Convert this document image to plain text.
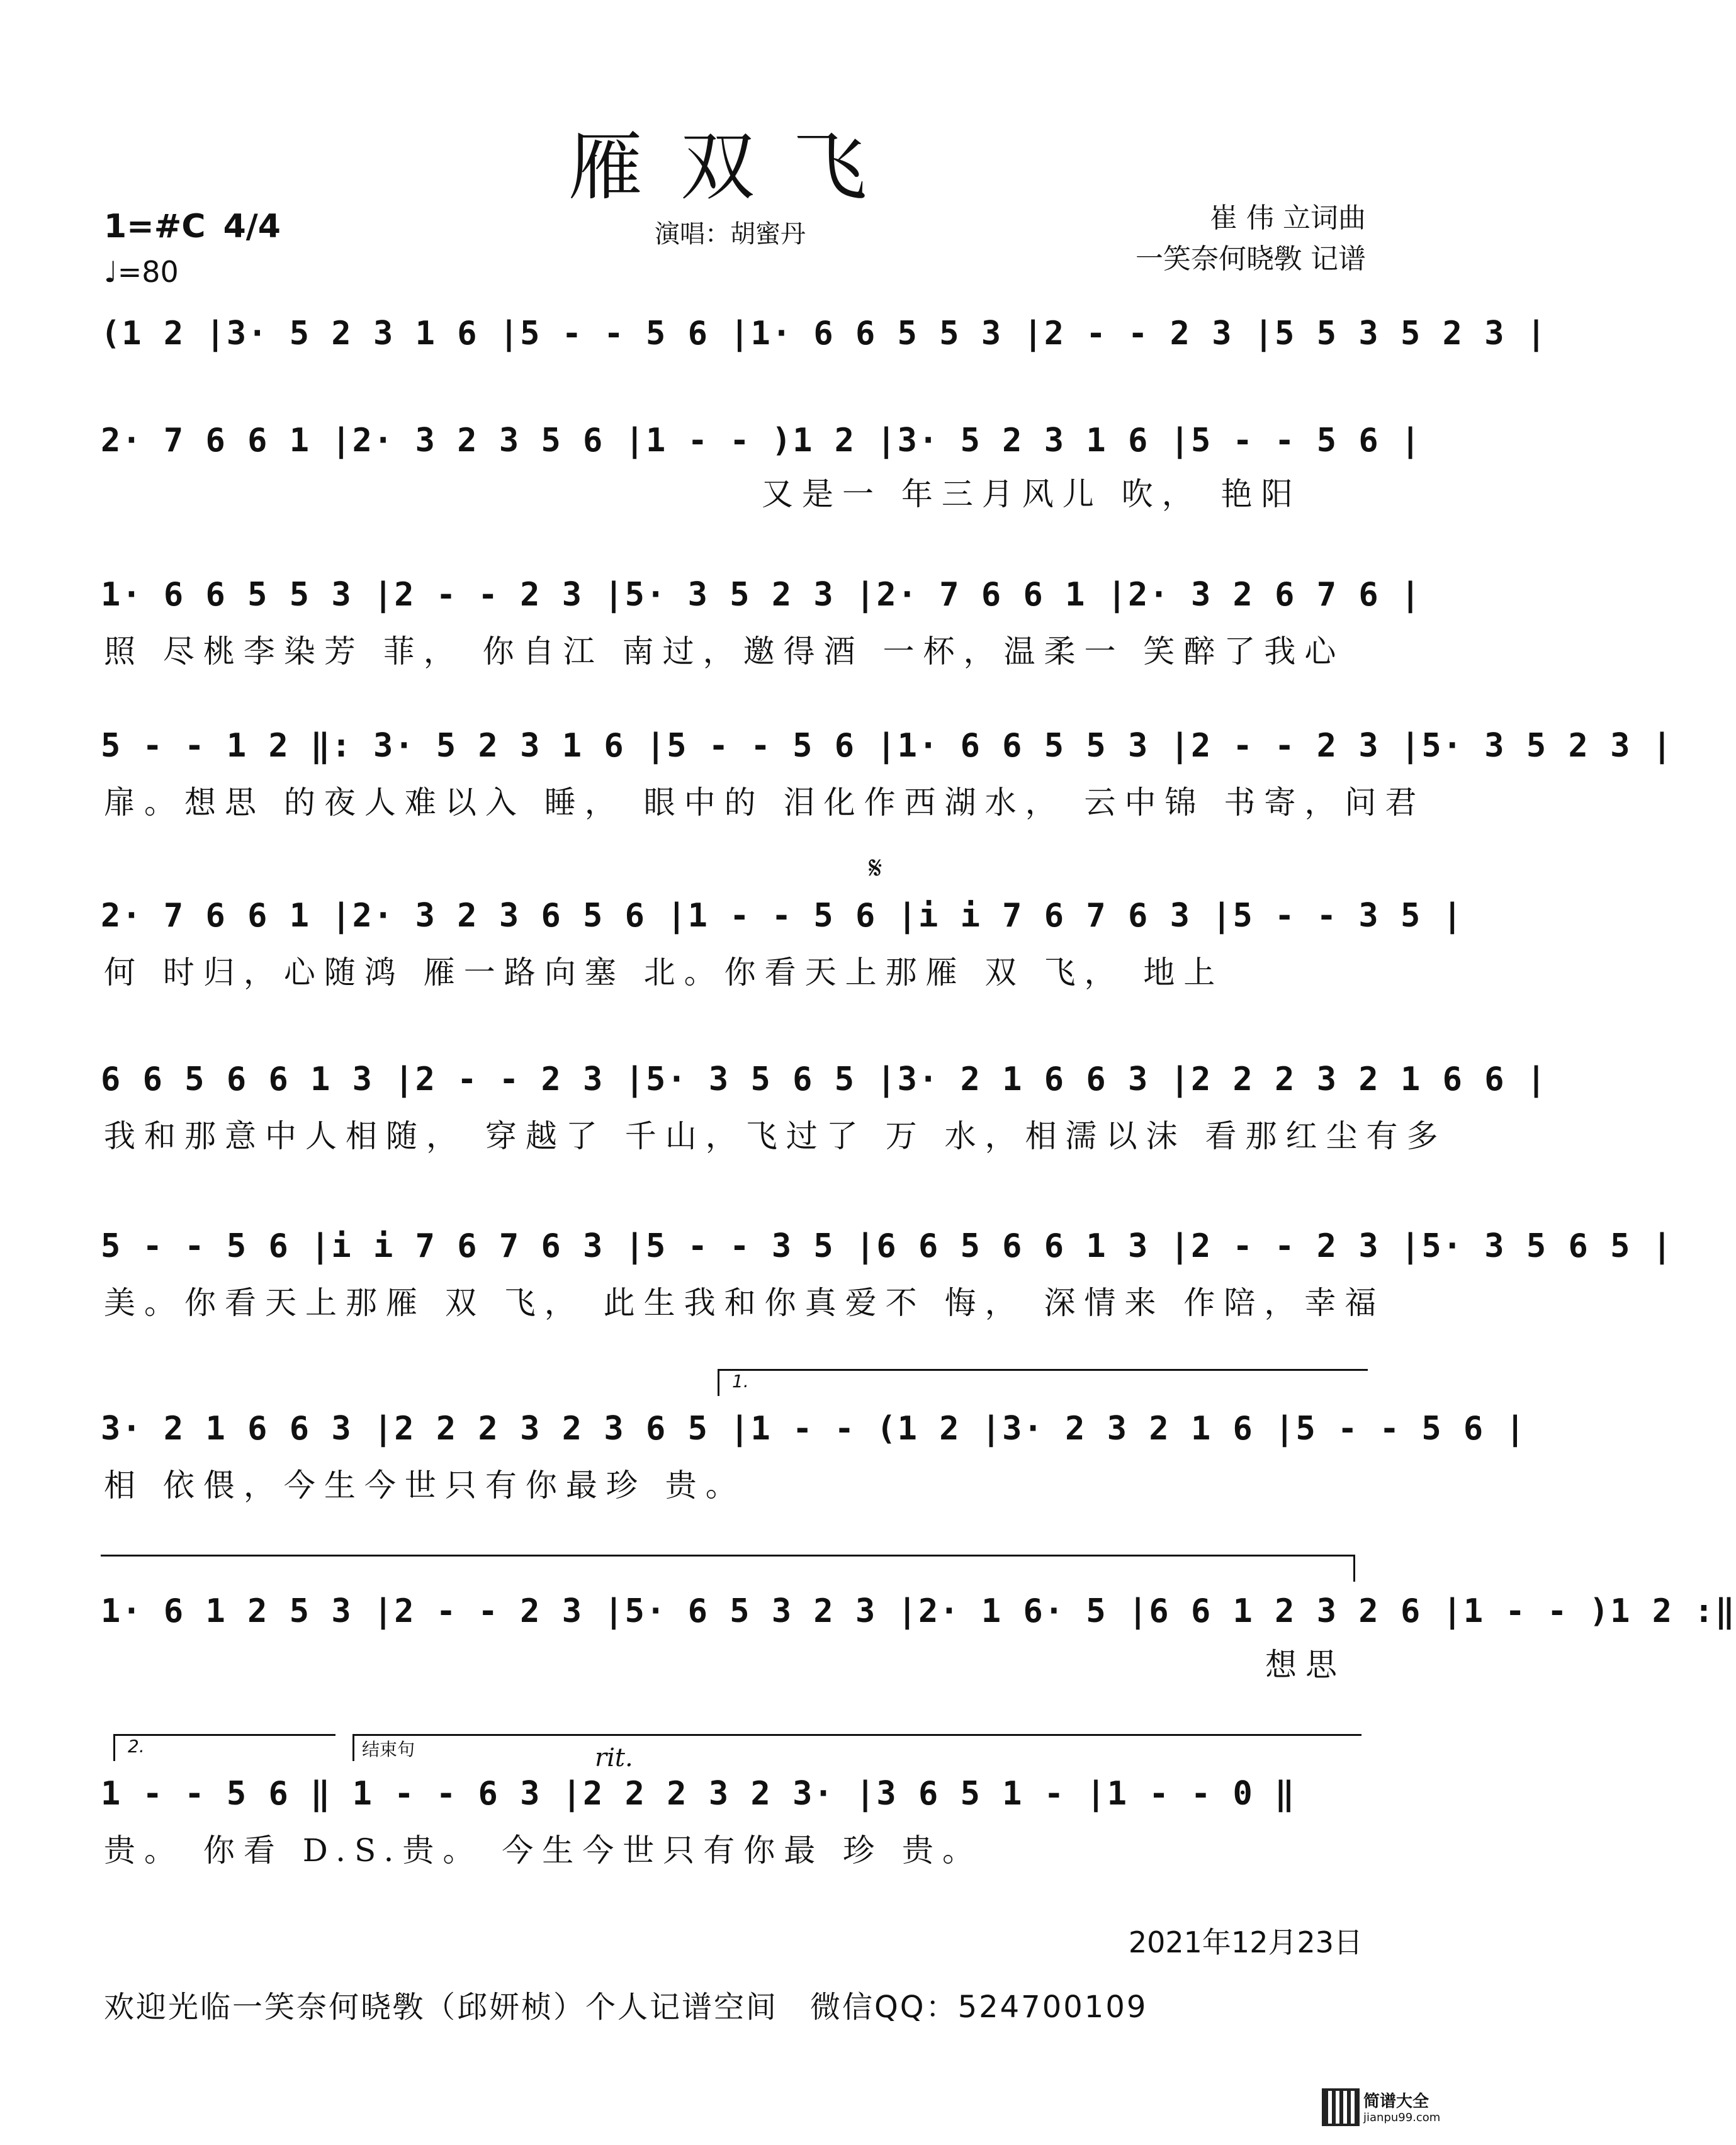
雁双飞
1=#C 4/4
♩=80
演唱：胡蜜丹	崔 伟 立词曲
一笑奈何晓斆 记谱
(1 2 |3· 5 2 3 1 6 |5 - - 5 6 |1· 6 6 5 5 3 |2 - - 2 3 |5 5 3 5 2 3 |
2· 7 6 6 1 |2· 3 2 3 5 6 |1 - - )1 2 |3· 5 2 3 1 6 |5 - - 5 6 |
又是一 年三月风儿 吹， 艳阳
1· 6 6 5 5 3 |2 - - 2 3 |5· 3 5 2 3 |2· 7 6 6 1 |2· 3 2 6 7 6 |
照 尽桃李染芳 菲， 你自江 南过，邀得酒 一杯，温柔一 笑醉了我心
5 - - 1 2 ‖: 3· 5 2 3 1 6 |5 - - 5 6 |1· 6 6 5 5 3 |2 - - 2 3 |5· 3 5 2 3 |
扉。想思 的夜人难以入 睡， 眼中的 泪化作西湖水， 云中锦 书寄，问君
𝄋
2· 7 6 6 1 |2· 3 2 3 6 5 6 |1 - - 5 6 |i i 7 6 7 6 3 |5 - - 3 5 |
何 时归，心随鸿 雁一路向塞 北。你看天上那雁 双 飞， 地上
6 6 5 6 6 1 3 |2 - - 2 3 |5· 3 5 6 5 |3· 2 1 6 6 3 |2 2 2 3 2 1 6 6 |
我和那意中人相随， 穿越了 千山，飞过了 万 水，相濡以沫 看那红尘有多
5 - - 5 6 |i i 7 6 7 6 3 |5 - - 3 5 |6 6 5 6 6 1 3 |2 - - 2 3 |5· 3 5 6 5 |
美。你看天上那雁 双 飞， 此生我和你真爱不 悔， 深情来 作陪，幸福
1.
3· 2 1 6 6 3 |2 2 2 3 2 3 6 5 |1 - - (1 2 |3· 2 3 2 1 6 |5 - - 5 6 |
相 依偎，今生今世只有你最珍 贵。
1· 6 1 2 5 3 |2 - - 2 3 |5· 6 5 3 2 3 |2· 1 6· 5 |6 6 1 2 3 2 6 |1 - - )1 2 :‖
想思
2.	结束句	rit.
1 - - 5 6 ‖ 1 - - 6 3 |2 2 2 3 2 3· |3 6 5 1 - |1 - - 0 ‖
贵。 你看 D.S.贵。 今生今世只有你最 珍 贵。
2021年12月23日
欢迎光临一笑奈何晓斆（邱妍桢）个人记谱空间　微信QQ：524700109
简谱大全
jianpu99.com
